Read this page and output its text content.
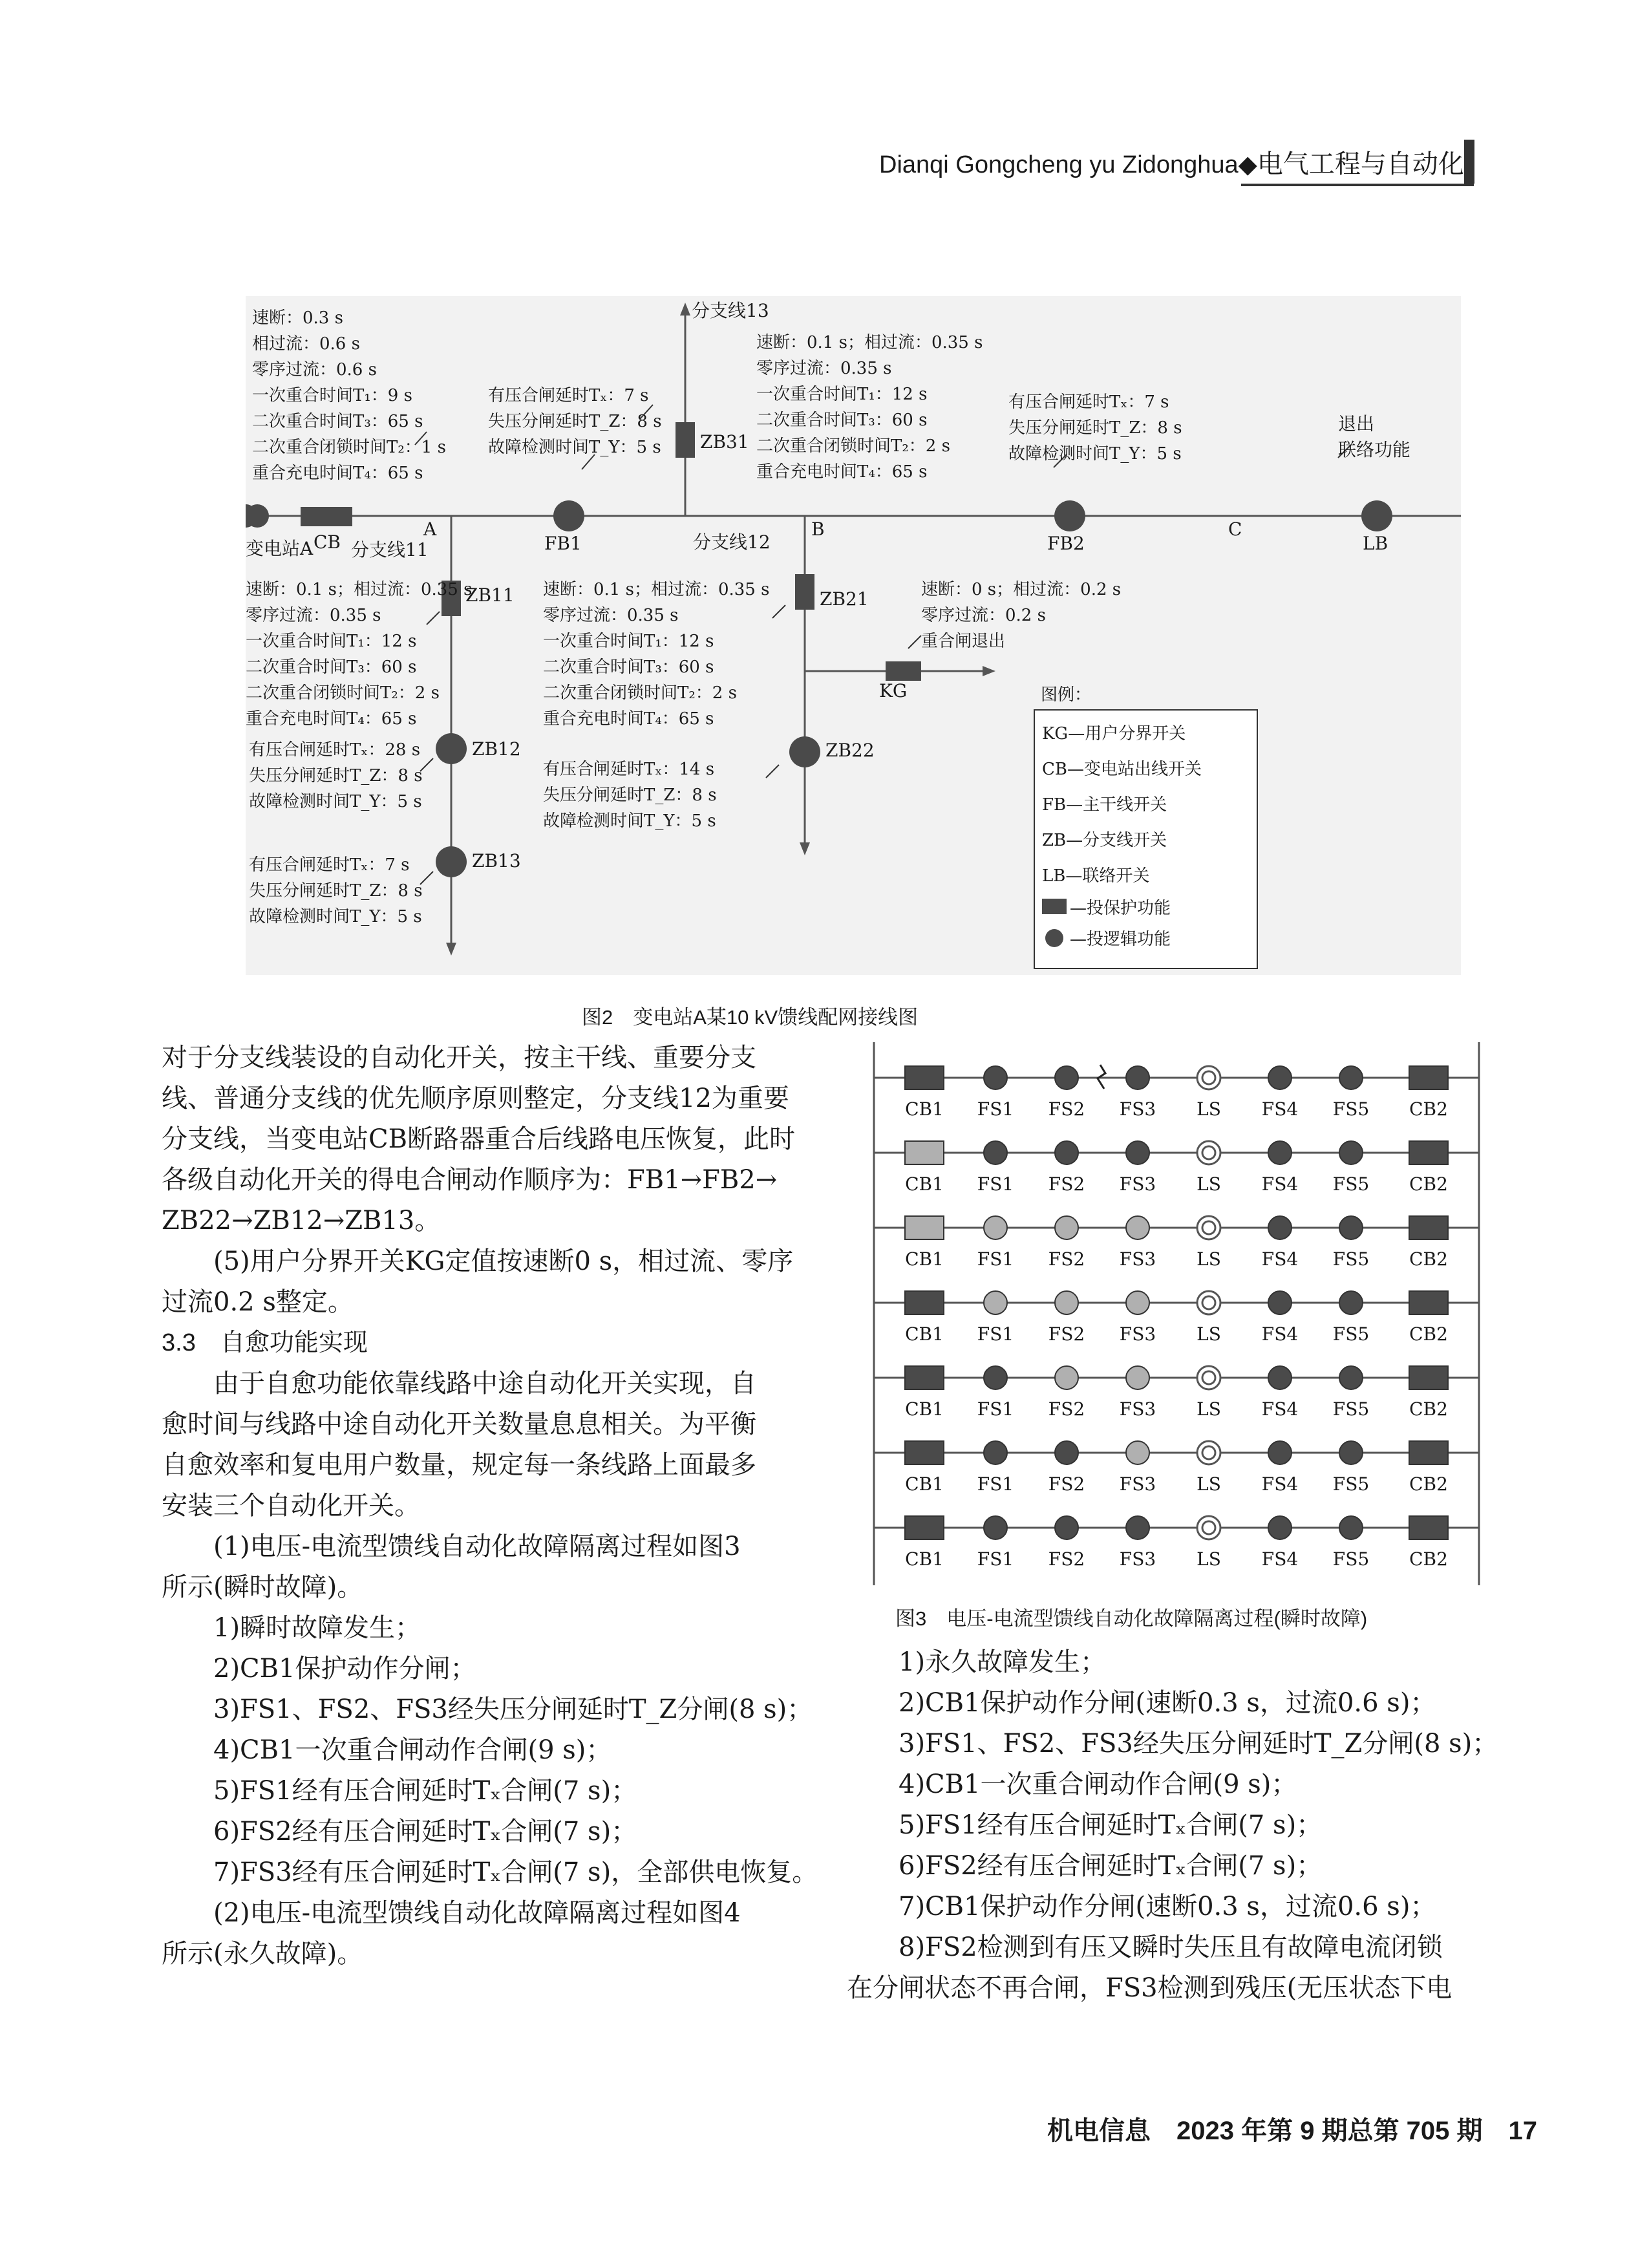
Dianqi Gongcheng yu Zidonghua◆电气工程与自动化
变电站A CB
A
分支线11	FB1
分支线13
ZB31
分支线12
B
FB2
C
LB
退出
联络功能
ZB11	ZB21
KG
ZB12	ZB22
ZB13
速断：0.3 s
相过流：0.6 s
零序过流：0.6 s
一次重合时间T₁：9 s
二次重合时间T₃：65 s
二次重合闭锁时间T₂：1 s
重合充电时间T₄：65 s
有压合闸延时Tₓ：7 s
失压分闸延时T_Z：8 s
故障检测时间T_Y：5 s
速断：0.1 s；相过流：0.35 s
零序过流：0.35 s
一次重合时间T₁：12 s
二次重合时间T₃：60 s
二次重合闭锁时间T₂：2 s
重合充电时间T₄：65 s
有压合闸延时Tₓ：7 s
失压分闸延时T_Z：8 s
故障检测时间T_Y：5 s
速断：0.1 s；相过流：0.35 s
零序过流：0.35 s
一次重合时间T₁：12 s
二次重合时间T₃：60 s
二次重合闭锁时间T₂：2 s
重合充电时间T₄：65 s
速断：0.1 s；相过流：0.35 s
零序过流：0.35 s
一次重合时间T₁：12 s
二次重合时间T₃：60 s
二次重合闭锁时间T₂：2 s
重合充电时间T₄：65 s
速断：0 s；相过流：0.2 s
零序过流：0.2 s
重合闸退出
有压合闸延时Tₓ：28 s
失压分闸延时T_Z：8 s
故障检测时间T_Y：5 s
有压合闸延时Tₓ：14 s
失压分闸延时T_Z：8 s
故障检测时间T_Y：5 s
有压合闸延时Tₓ：7 s
失压分闸延时T_Z：8 s
故障检测时间T_Y：5 s
图例：
KG—用户分界开关
CB—变电站出线开关
FB—主干线开关
ZB—分支线开关
LB—联络开关
—投保护功能
—投逻辑功能
图2　变电站A某10 kV馈线配网接线图
对于分支线装设的自动化开关，按主干线、重要分支
线、普通分支线的优先顺序原则整定，分支线12为重要
分支线，当变电站CB断路器重合后线路电压恢复，此时
各级自动化开关的得电合闸动作顺序为：FB1→FB2→
ZB22→ZB12→ZB13。
(5)用户分界开关KG定值按速断0 s，相过流、零序
过流0.2 s整定。
3.3　自愈功能实现
由于自愈功能依靠线路中途自动化开关实现，自
愈时间与线路中途自动化开关数量息息相关。为平衡
自愈效率和复电用户数量，规定每一条线路上面最多
安装三个自动化开关。
(1)电压-电流型馈线自动化故障隔离过程如图3
所示(瞬时故障)。
1)瞬时故障发生；
2)CB1保护动作分闸；
3)FS1、FS2、FS3经失压分闸延时T_Z分闸(8 s)；
4)CB1一次重合闸动作合闸(9 s)；
5)FS1经有压合闸延时Tₓ合闸(7 s)；
6)FS2经有压合闸延时Tₓ合闸(7 s)；
7)FS3经有压合闸延时Tₓ合闸(7 s)，全部供电恢复。
(2)电压-电流型馈线自动化故障隔离过程如图4
所示(永久故障)。
CB1 FS1 FS2 FS3 LS FS4 FS5 CB2
CB1 FS1 FS2 FS3 LS FS4 FS5 CB2
CB1 FS1 FS2 FS3 LS FS4 FS5 CB2
CB1 FS1 FS2 FS3 LS FS4 FS5 CB2
CB1 FS1 FS2 FS3 LS FS4 FS5 CB2
CB1 FS1 FS2 FS3 LS FS4 FS5 CB2
CB1 FS1 FS2 FS3 LS FS4 FS5 CB2
图3　电压-电流型馈线自动化故障隔离过程(瞬时故障)
1)永久故障发生；
2)CB1保护动作分闸(速断0.3 s，过流0.6 s)；
3)FS1、FS2、FS3经失压分闸延时T_Z分闸(8 s)；
4)CB1一次重合闸动作合闸(9 s)；
5)FS1经有压合闸延时Tₓ合闸(7 s)；
6)FS2经有压合闸延时Tₓ合闸(7 s)；
7)CB1保护动作分闸(速断0.3 s，过流0.6 s)；
8)FS2检测到有压又瞬时失压且有故障电流闭锁
在分闸状态不再合闸，FS3检测到残压(无压状态下电
机电信息　2023 年第 9 期总第 705 期　17
